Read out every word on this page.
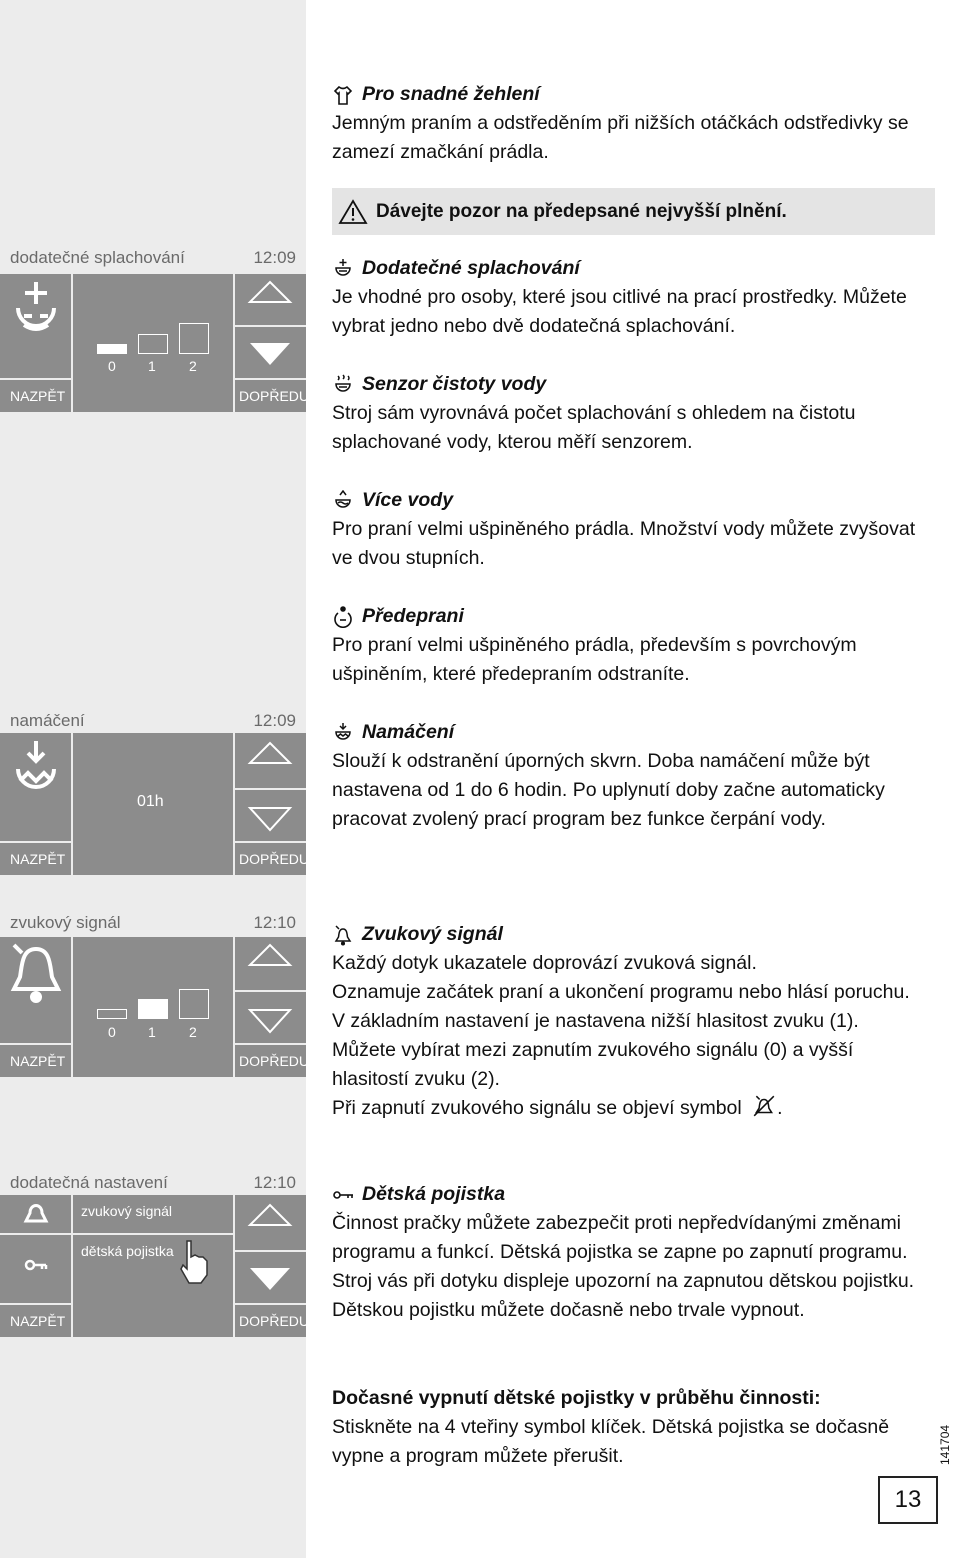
dodatečné splachování	12:09
NAZPĚT
0 1 2
DOPŘEDU
namáčení	12:09
NAZPĚT
01h
DOPŘEDU
zvukový signál	12:10
NAZPĚT
0 1 2
DOPŘEDU
dodatečná nastavení	12:10
NAZPĚT
zvukový signál
dětská pojistka
DOPŘEDU
Pro snadné žehlení

Jemným praním a odstředěním při nižších otáčkách odstředivky se zamezí zmačkání prádla.

Dávejte pozor na předepsané nejvyšší plnění.
Dodatečné splachování

Je vhodné pro osoby, které jsou citlivé na prací prostředky. Můžete vybrat jedno nebo dvě dodatečná splachování.

Senzor čistoty vody

Stroj sám vyrovnává počet splachování s ohledem na čistotu splachované vody, kterou měří senzorem.

Více vody

Pro praní velmi ušpiněného prádla. Množství vody můžete zvyšovat ve dvou stupních.

Předeprani

Pro praní velmi ušpiněného prádla, především s povrchovým ušpiněním, které předepraním odstraníte.

Namáčení

Slouží k odstranění úporných skvrn. Doba namáčení může být nastavena od 1 do 6 hodin. Po uplynutí doby začne automaticky pracovat zvolený prací program bez funkce čerpání vody.

Zvukový signál

Každý dotyk ukazatele doprovází zvuková signál.

Oznamuje začátek praní a ukončení programu nebo hlásí poruchu.

V základním nastavení je nastavena nižší hlasitost zvuku (1).

Můžete vybírat mezi zapnutím zvukového signálu (0) a vyšší hlasitostí zvuku (2).

Při zapnutí zvukového signálu se objeví symbol .

Dětská pojistka

Činnost pračky můžete zabezpečit proti nepředvídanými změnami programu a funkcí. Dětská pojistka se zapne po zapnutí programu. Stroj vás při dotyku displeje upozorní na zapnutou dětskou pojistku.

Dětskou pojistku můžete dočasně nebo trvale vypnout.

Dočasné vypnutí dětské pojistky v průběhu činnosti:

Stiskněte na 4 vteřiny symbol klíček. Dětská pojistka se dočasně vypne a program můžete přerušit.	141704
13
